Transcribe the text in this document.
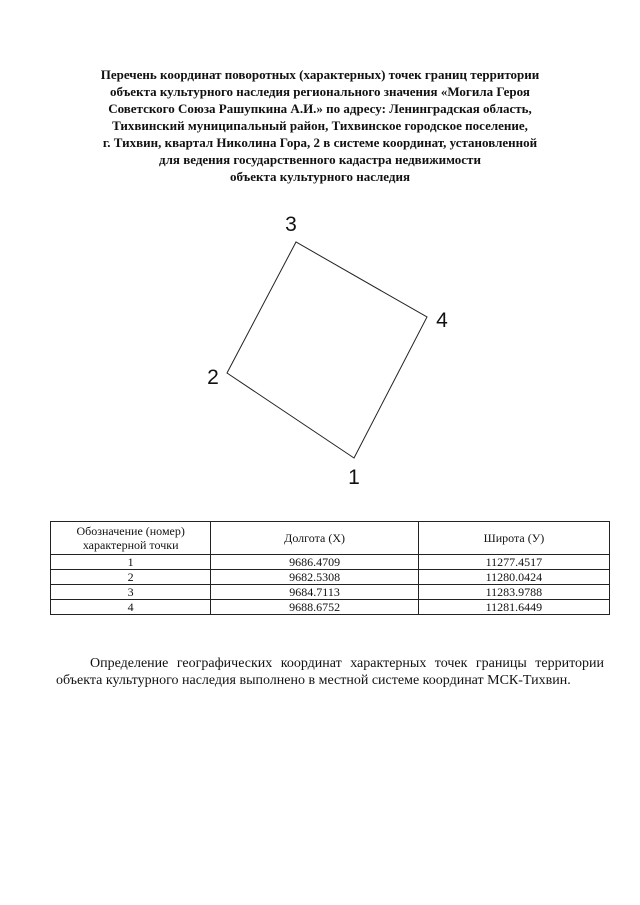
Перечень координат поворотных (характерных) точек границ территории
объекта культурного наследия регионального значения «Могила Героя
Советского Союза Рашупкина А.И.» по адресу: Ленинградская область,
Тихвинский муниципальный район, Тихвинское городское поселение,
г. Тихвин, квартал Николина Гора, 2 в системе координат, установленной
для ведения государственного кадастра недвижимости
объекта культурного наследия
1
2
3
4
Обозначение (номер) характерной точки	Долгота (Х)	Широта (У)
1	9686.4709	11277.4517
2	9682.5308	11280.0424
3	9684.7113	11283.9788
4	9688.6752	11281.6449

Определение географических координат характерных точек границы территории объекта культурного наследия выполнено в местной системе координат МСК-Тихвин.
